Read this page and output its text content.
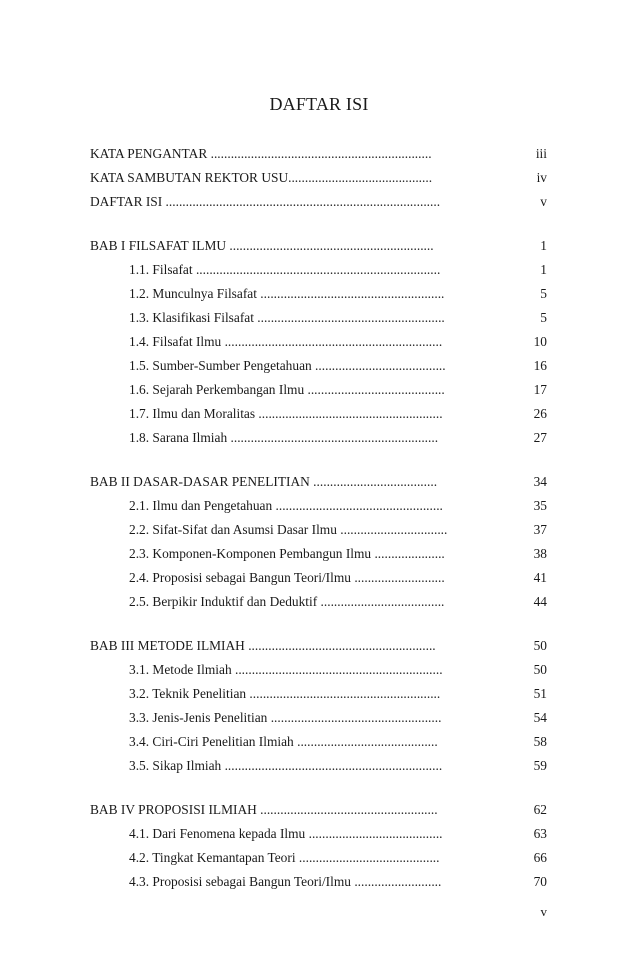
DAFTAR ISI
KATA PENGANTAR ..................................................................	iii
KATA SAMBUTAN REKTOR USU...........................................	iv
DAFTAR ISI ..................................................................................	v
BAB I FILSAFAT ILMU .............................................................	1
1.1. Filsafat .........................................................................	1
1.2. Munculnya Filsafat .......................................................	5
1.3. Klasifikasi Filsafat ........................................................	5
1.4. Filsafat Ilmu .................................................................	10
1.5. Sumber-Sumber Pengetahuan .......................................	16
1.6. Sejarah Perkembangan Ilmu .........................................	17
1.7. Ilmu dan Moralitas .......................................................	26
1.8. Sarana Ilmiah ..............................................................	27
BAB II DASAR-DASAR PENELITIAN .....................................	34
2.1. Ilmu dan Pengetahuan ..................................................	35
2.2. Sifat-Sifat dan Asumsi Dasar Ilmu ................................	37
2.3. Komponen-Komponen Pembangun Ilmu .....................	38
2.4. Proposisi sebagai Bangun Teori/Ilmu ...........................	41
2.5. Berpikir Induktif dan Deduktif .....................................	44
BAB III METODE ILMIAH ........................................................	50
3.1. Metode Ilmiah ..............................................................	50
3.2. Teknik Penelitian .........................................................	51
3.3. Jenis-Jenis Penelitian ...................................................	54
3.4. Ciri-Ciri Penelitian Ilmiah ..........................................	58
3.5. Sikap Ilmiah .................................................................	59
BAB IV PROPOSISI ILMIAH .....................................................	62
4.1. Dari Fenomena kepada Ilmu ........................................	63
4.2. Tingkat Kemantapan Teori ..........................................	66
4.3. Proposisi sebagai Bangun Teori/Ilmu ..........................	70
v
